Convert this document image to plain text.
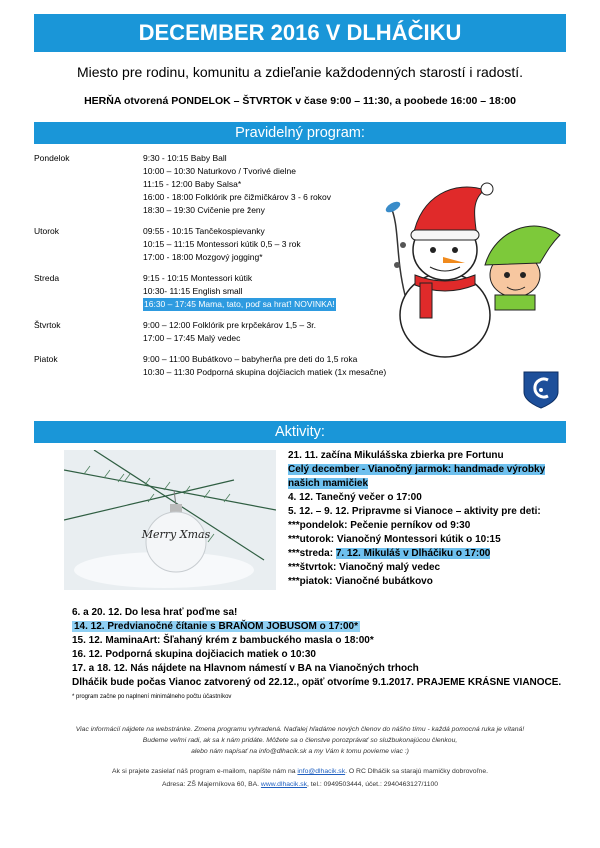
DECEMBER 2016 V DLHÁČIKU
Miesto pre rodinu, komunitu a zdieľanie každodenných starostí i radostí.
HERŇA otvorená PONDELOK – ŠTVRTOK v čase 9:00 – 11:30, a poobede 16:00 – 18:00
Pravidelný program:
Pondelok	9:30 - 10:15 Baby Ball
10:00 – 10:30 Naturkovo / Tvorivé dielne
11:15 - 12:00 Baby Salsa*
16:00 - 18:00 Folklórik pre čižmičkárov 3 - 6 rokov
18:30 – 19:30 Cvičenie pre ženy
Utorok	09:55 - 10:15 Tančekospievanky
10:15 – 11:15 Montessori kútik 0,5 – 3 rok
17:00 - 18:00 Mozgový jogging*
Streda	9:15 - 10:15 Montessori kútik
10:30- 11:15 English small
16:30 – 17:45 Mama, tato, poď sa hrať! NOVINKA!
Štvrtok	9:00 – 12:00 Folklórik pre krpčekárov 1,5 – 3r.
17:00 – 17:45 Malý vedec
Piatok	9:00 – 11:00 Bubátkovo – babyherňa pre deti do 1,5 roka
10:30 – 11:30 Podporná skupina dojčiacich matiek (1x mesačne)
Aktivity:
Merry Xmas
21. 11. začína Mikulášska zbierka pre Fortunu
Celý december - Vianočný jarmok: handmade výrobky
našich mamičiek
4. 12. Tanečný večer o 17:00
5. 12. – 9. 12. Pripravme si Vianoce – aktivity pre deti:
***pondelok: Pečenie perníkov od 9:30
***utorok: Vianočný Montessori kútik o 10:15
***streda: 7. 12. Mikuláš v Dlháčiku o 17:00
***štvrtok: Vianočný malý vedec
***piatok: Vianočné bubátkovo
6. a 20. 12. Do lesa hrať poďme sa!
14. 12. Predvianočné čítanie s BRAŇOM JOBUSOM o 17:00*
15. 12. MaminaArt: Šľahaný krém z bambuckého masla o 18:00*
16. 12. Podporná skupina dojčiacich matiek o 10:30
17. a 18. 12. Nás nájdete na Hlavnom námestí v BA na Vianočných trhoch
Dlháčik bude počas Vianoc zatvorený od 22.12., opäť otvoríme 9.1.2017. PRAJEME KRÁSNE VIANOCE.
* program začne po naplnení minimálneho počtu účastníkov
Viac informácií nájdete na webstránke. Zmena programu vyhradená. Naďalej hľadáme nových členov do nášho tímu - každá pomocná ruka je vítaná!
Budeme veľmi radi, ak sa k nám pridáte. Môžete sa o členstve porozprávať so službukonajúcou členkou,
alebo nám napísať na info@dlhacik.sk a my Vám k tomu povieme viac :)
Ak si prajete zasielať náš program e-mailom, napíšte nám na info@dlhacik.sk. O RC Dlháčik sa starajú mamičky dobrovoľne.
Adresa: ZŠ Majerníkova 60, BA. www.dlhacik.sk, tel.: 0949503444, účet.: 2940463127/1100
